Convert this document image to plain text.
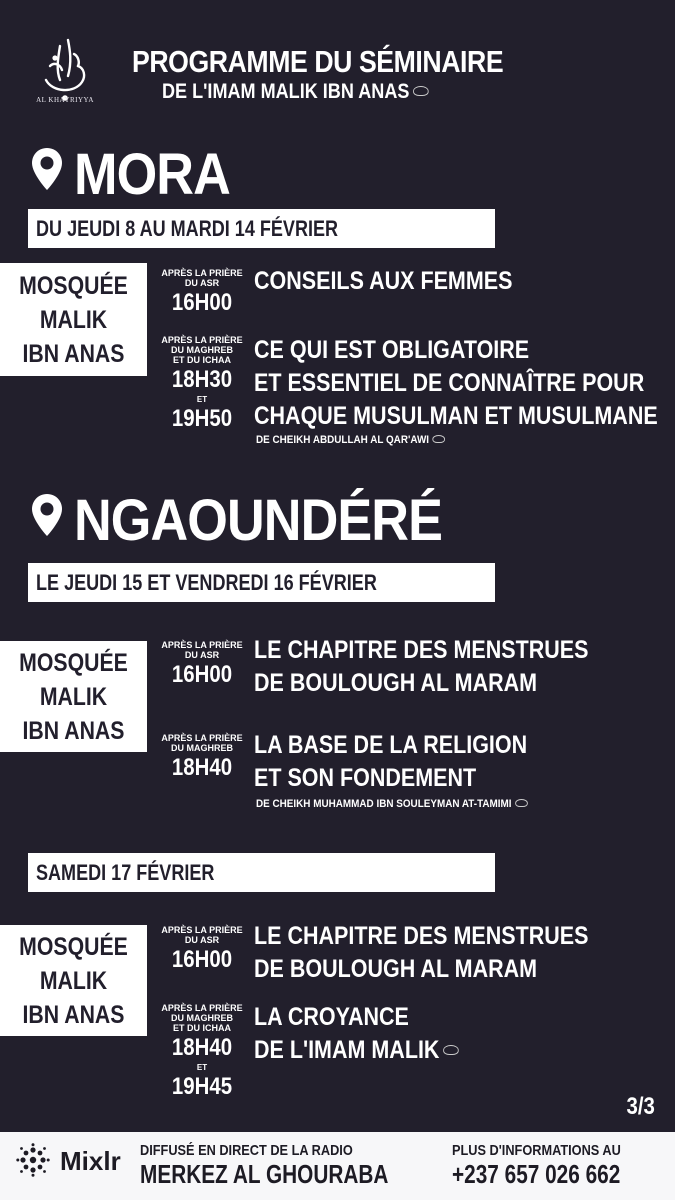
AL KHAYRIYYA
PROGRAMME DU SÉMINAIRE
DE L'IMAM MALIK IBN ANAS
MORA
DU JEUDI 8 AU MARDI 14 FÉVRIER
MOSQUÉE
MALIK
IBN ANAS
APRÈS LA PRIÈRE
DU ASR
16H00
CONSEILS AUX FEMMES
APRÈS LA PRIÈRE
DU MAGHREB
ET DU ICHAA
18H30
ET
19H50
CE QUI EST OBLIGATOIRE
ET ESSENTIEL DE CONNAÎTRE POUR
CHAQUE MUSULMAN ET MUSULMANE
DE CHEIKH ABDULLAH AL QAR'AWI
NGAOUNDÉRÉ
LE JEUDI 15 ET VENDREDI 16 FÉVRIER
MOSQUÉE
MALIK
IBN ANAS
APRÈS LA PRIÈRE
DU ASR
16H00
LE CHAPITRE DES MENSTRUES
DE BOULOUGH AL MARAM
APRÈS LA PRIÈRE
DU MAGHREB
18H40
LA BASE DE LA RELIGION
ET SON FONDEMENT
DE CHEIKH MUHAMMAD IBN SOULEYMAN AT-TAMIMI
SAMEDI 17 FÉVRIER
MOSQUÉE
MALIK
IBN ANAS
APRÈS LA PRIÈRE
DU ASR
16H00
LE CHAPITRE DES MENSTRUES
DE BOULOUGH AL MARAM
APRÈS LA PRIÈRE
DU MAGHREB
ET DU ICHAA
18H40
ET
19H45
LA CROYANCE
DE L'IMAM MALIK
3/3
Mixlr DIFFUSÉ EN DIRECT DE LA RADIO
MERKEZ AL GHOURABA
PLUS D'INFORMATIONS AU
+237 657 026 662
